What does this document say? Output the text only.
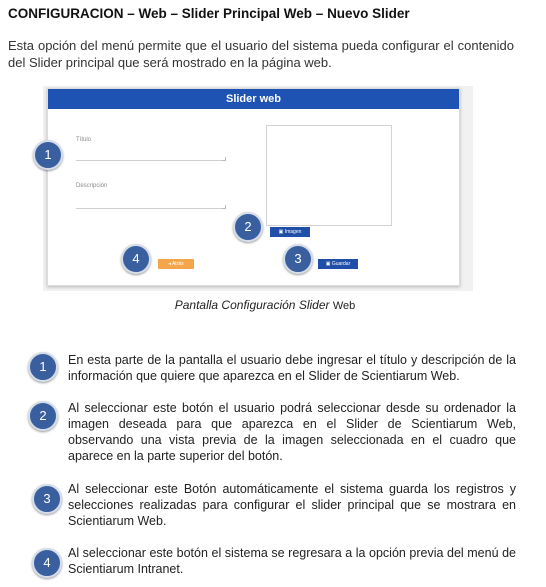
CONFIGURACION – Web – Slider Principal Web – Nuevo Slider
Esta opción del menú permite que el usuario del sistema pueda configurar el contenido del Slider principal que será mostrado en la página web.
Slider web
Título
Descripción
▣ Imagen
◂ Atrás	▣ Guardar
1
2
4	3
Pantalla Configuración Slider Web
1	En esta parte de la pantalla el usuario debe ingresar el título y descripción de la información que quiere que aparezca en el Slider de Scientiarum Web.
2	Al seleccionar este botón el usuario podrá seleccionar desde su ordenador la imagen deseada para que aparezca en el Slider de Scientiarum Web, observando una vista previa de la imagen seleccionada en el cuadro que aparece en la parte superior del botón.
3
Al seleccionar este Botón automáticamente el sistema guarda los registros y selecciones realizadas para configurar el slider principal que se mostrara en Scientiarum Web.
4
Al seleccionar este botón el sistema se regresara a la opción previa del menú de Scientiarum Intranet.
